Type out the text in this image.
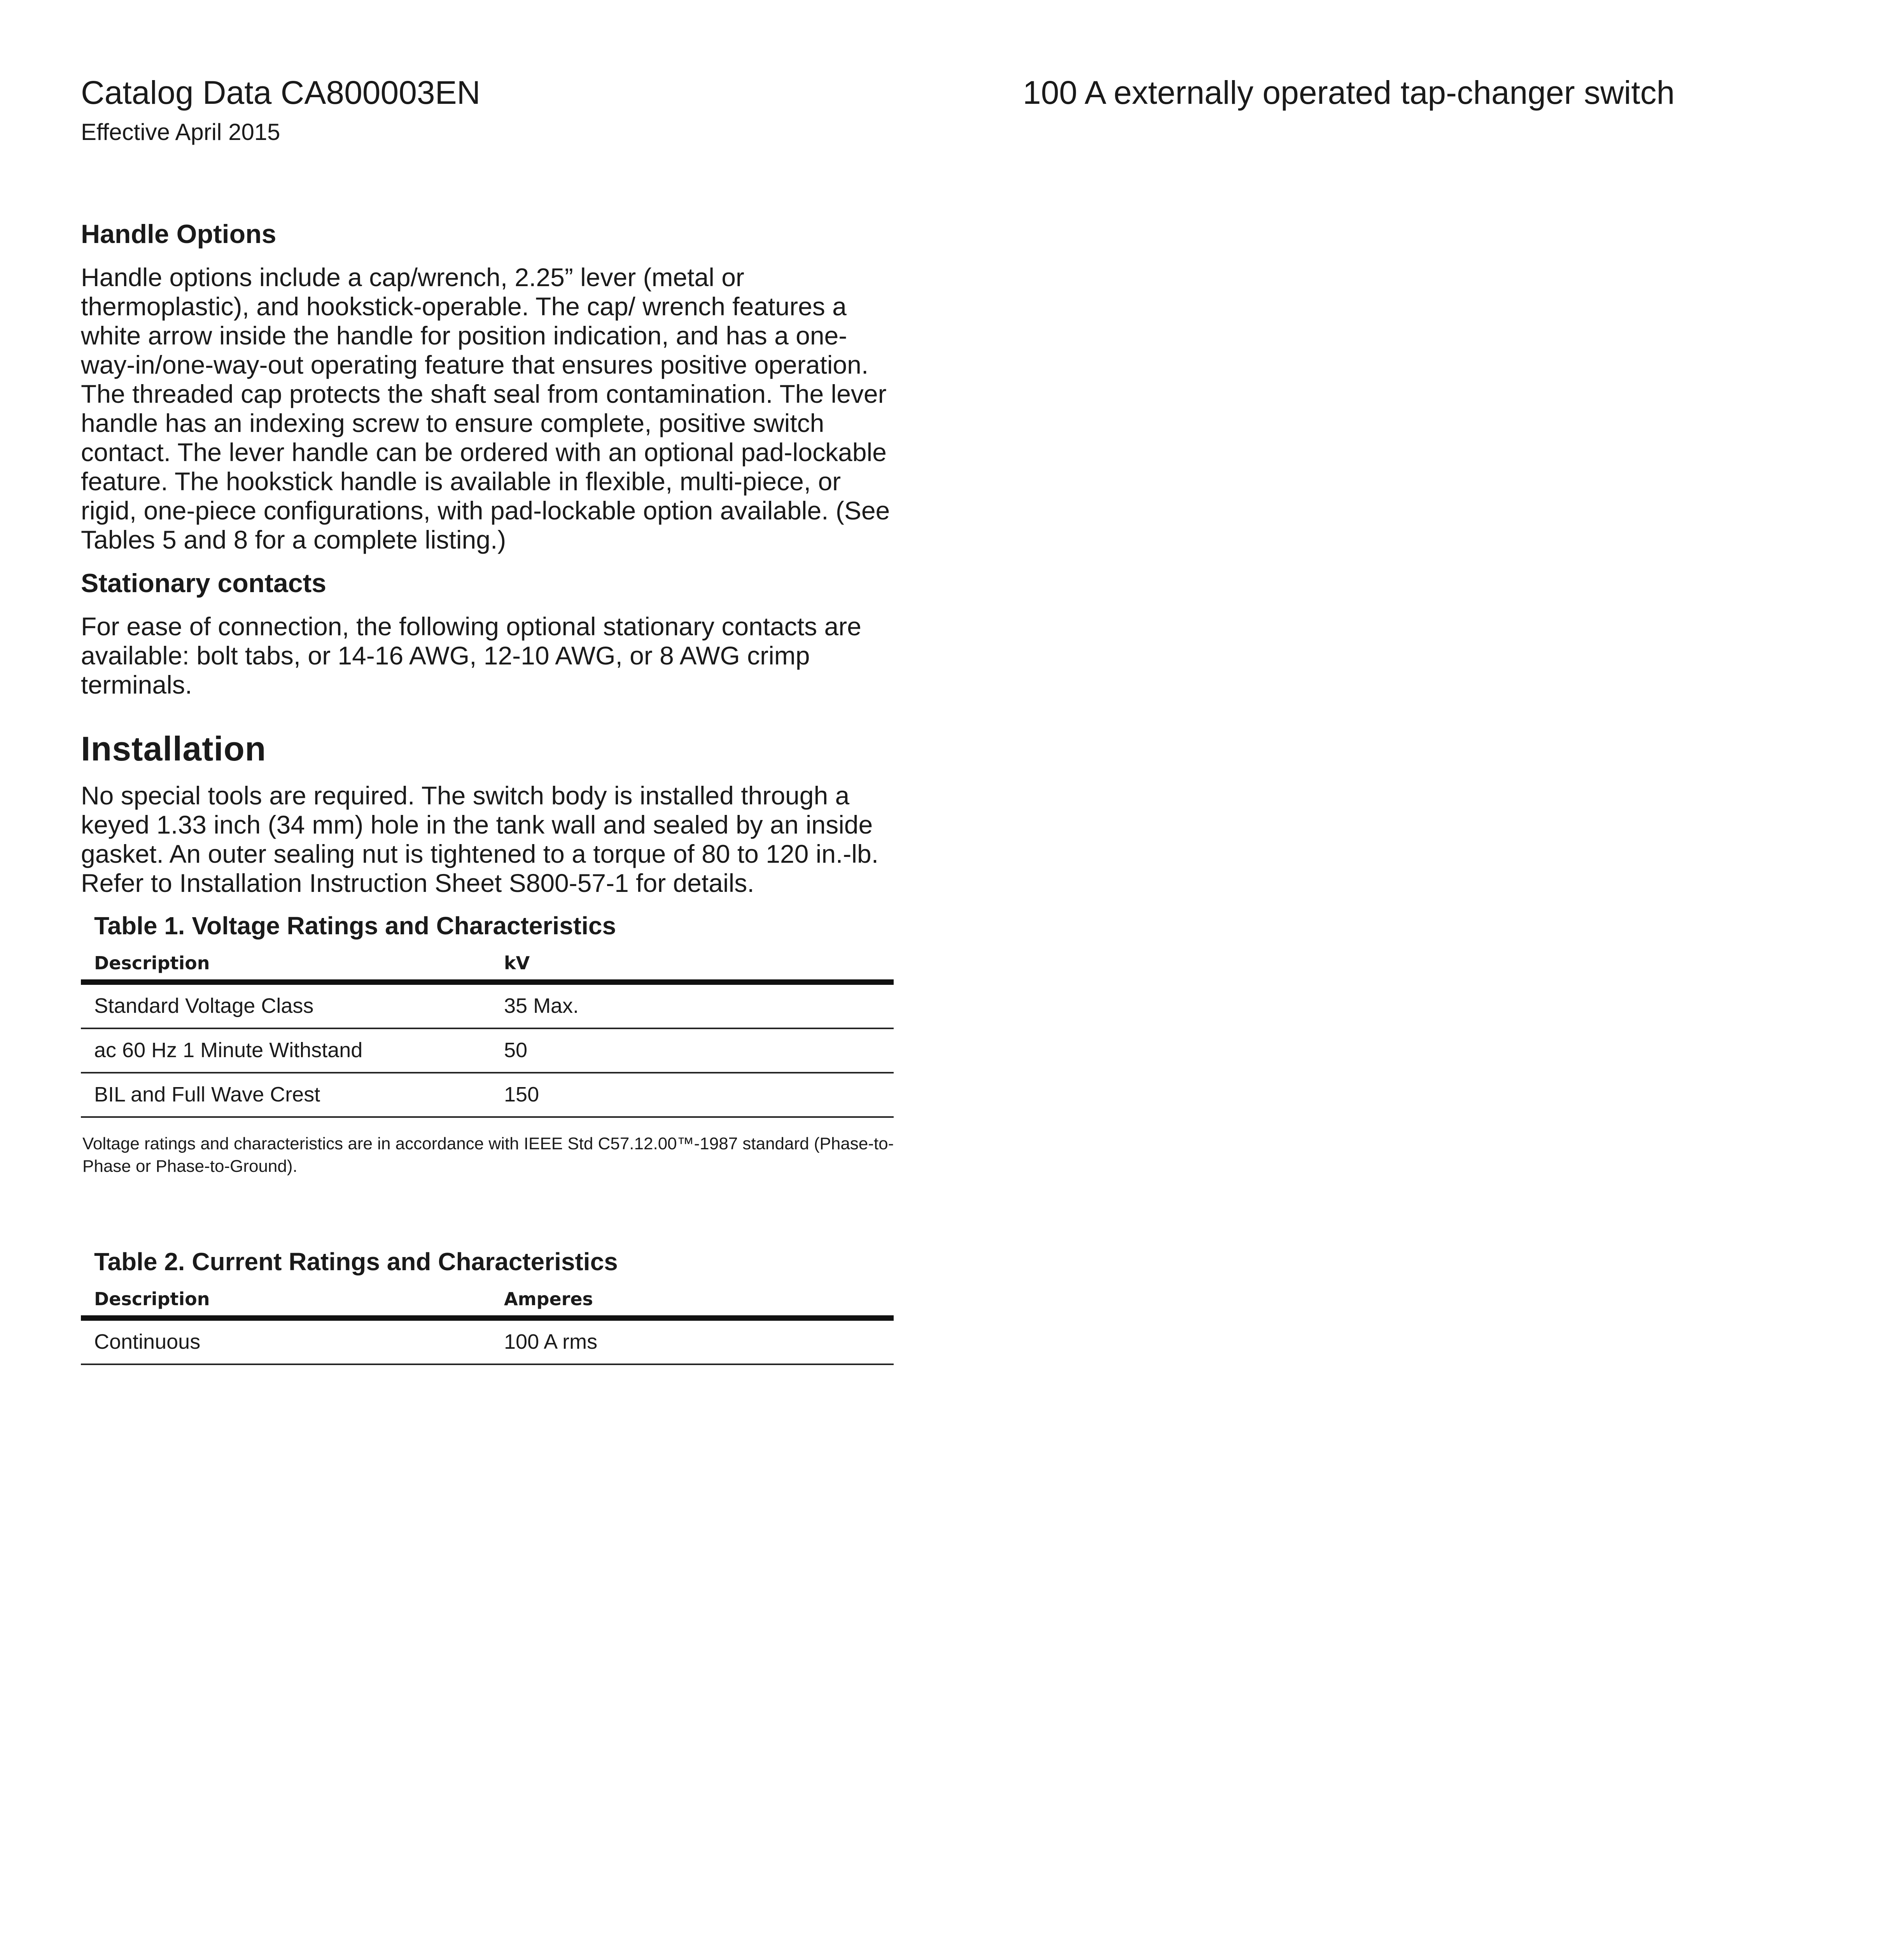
Catalog Data CA800003EN
Effective April 2015
100 A externally operated tap-changer switch
Handle Options
Handle options include a cap/wrench, 2.25” lever (metal or thermoplastic), and hookstick-operable. The cap/ wrench features a white arrow inside the handle for position indication, and has a one-way-in/one-way-out operating feature that ensures positive operation. The threaded cap protects the shaft seal from contamination. The lever handle has an indexing screw to ensure complete, positive switch contact. The lever handle can be ordered with an optional pad-lockable feature. The hookstick handle is available in flexible, multi-piece, or rigid, one-piece configurations, with pad-lockable option available. (See Tables 5 and 8 for a complete listing.)
Stationary contacts
For ease of connection, the following optional stationary contacts are available: bolt tabs, or 14-16 AWG, 12-10 AWG, or 8 AWG crimp terminals.
Installation
No special tools are required. The switch body is installed through a keyed 1.33 inch (34 mm) hole in the tank wall and sealed by an inside gasket. An outer sealing nut is tightened to a torque of 80 to 120 in.-lb. Refer to Installation Instruction Sheet S800-57-1 for details.
Table 1. Voltage Ratings and Characteristics
Description	kV
Standard Voltage Class	35 Max.
ac 60 Hz 1 Minute Withstand	50
BIL and Full Wave Crest	150
Voltage ratings and characteristics are in accordance with IEEE Std C57.12.00™-1987 standard (Phase-to-Phase or Phase-to-Ground).
Table 2. Current Ratings and Characteristics
Description	Amperes
Continuous	100 A rms
